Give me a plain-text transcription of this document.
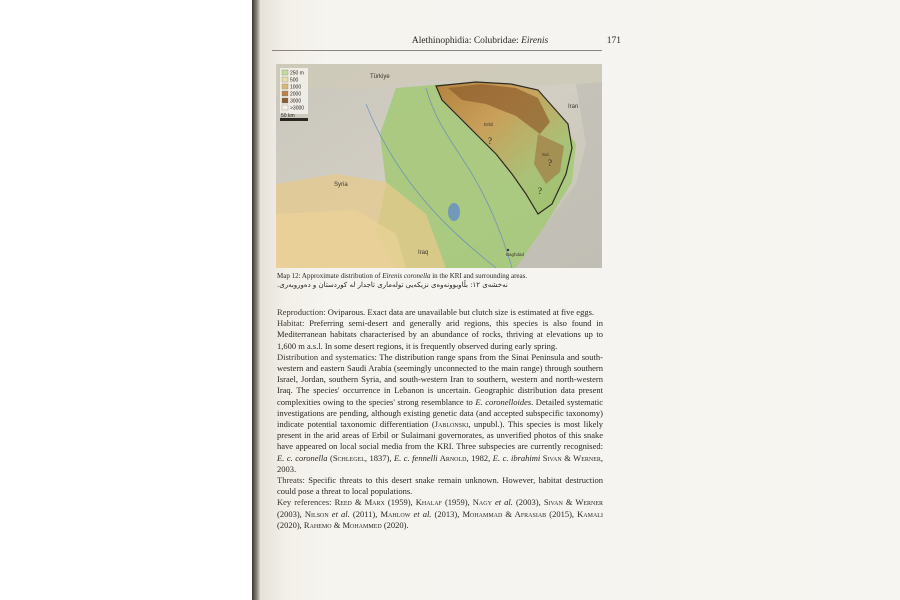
Alethinophidia: Colubridae: Eirenis	171
250 m
500
1000
2000
3000
>3000
50 km
Türkiye
Iran
Syria
Iraq
Erbil
Sul.
Baghdad
?
?
?
Map 12: Approximate distribution of Eirenis coronella in the KRI and surrounding areas.
نەخشەی ١٢: بڵاوبوونەوەی نزیکەیی تولەماری تاجدار لە کوردستان و دەوروبەری.

Reproduction: Oviparous. Exact data are unavailable but clutch size is estimated at five eggs.

Habitat: Preferring semi-desert and generally arid regions, this species is also found in Mediterranean habitats characterised by an abundance of rocks, thriving at elevations up to 1,600 m a.s.l. In some desert regions, it is frequently observed during early spring.

Distribution and systematics: The distribution range spans from the Sinai Peninsula and south-western and eastern Saudi Arabia (seemingly unconnected to the main range) through southern Israel, Jordan, southern Syria, and south-western Iran to southern, western and north-western Iraq. The species' occurrence in Lebanon is uncertain. Geographic distribution data present complexities owing to the species' strong resemblance to E. coronelloides. Detailed systematic investigations are pending, although existing genetic data (and accepted subspecific taxonomy) indicate potential taxonomic differentiation (Jablonski, unpubl.). This species is most likely present in the arid areas of Erbil or Sulaimani governorates, as unverified photos of this snake have appeared on local social media from the KRI. Three subspecies are currently recognised: E. c. coronella (Schlegel, 1837), E. c. fennelli Arnold, 1982, E. c. ibrahimi Sivan & Werner, 2003.

Threats: Specific threats to this desert snake remain unknown. However, habitat destruction could pose a threat to local populations.

Key references: Reed & Marx (1959), Khalaf (1959), Nagy et al. (2003), Sivan & Werner (2003), Nilson et al. (2011), Mahlow et al. (2013), Mohammad & Afrasiab (2015), Kamali (2020), Rahemo & Mohammed (2020).
